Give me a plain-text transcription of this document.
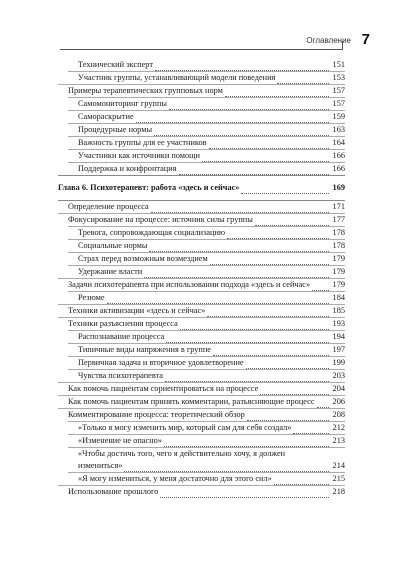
Оглавление 7
Технический эксперт	151
Участник группы, устанавливающий модели поведения	153
Примеры терапевтических групповых норм	157
Самомониторинг группы	157
Самораскрытие	159
Процедурные нормы	163
Важность группы для ее участников	164
Участники как источники помощи	166
Поддержка и конфронтация	166
Глава 6. Психотерапевт: работа «здесь и сейчас»	169
Определение процесса	171
Фокусирование на процессе: источник силы группы	177
Тревога, сопровождающая социализацию	178
Социальные нормы	178
Страх перед возможным возмездием	179
Удержание власти	179
Задачи психотерапевта при использовании подхода «здесь и сейчас»	179
Резюме	184
Техники активизации «здесь и сейчас»	185
Техники разъяснения процесса	193
Распознавание процесса	194
Типичные виды напряжения в группе	197
Первичная задача и вторичное удовлетворение	199
Чувства психотерапевта	203
Как помочь пациентам сориентироваться на процессе	204
Как помочь пациентам принять комментарии, разъясняющие процесс 206
Комментирование процесса: теоретический обзор	208
«Только я могу изменить мир, который сам для себя создал»	212
«Изменение не опасно»	213
«Чтобы достичь того, чего я действительно хочу, я должен
измениться»	214
«Я могу измениться, у меня достаточно для этого сил»	215
Использование прошлого	218
